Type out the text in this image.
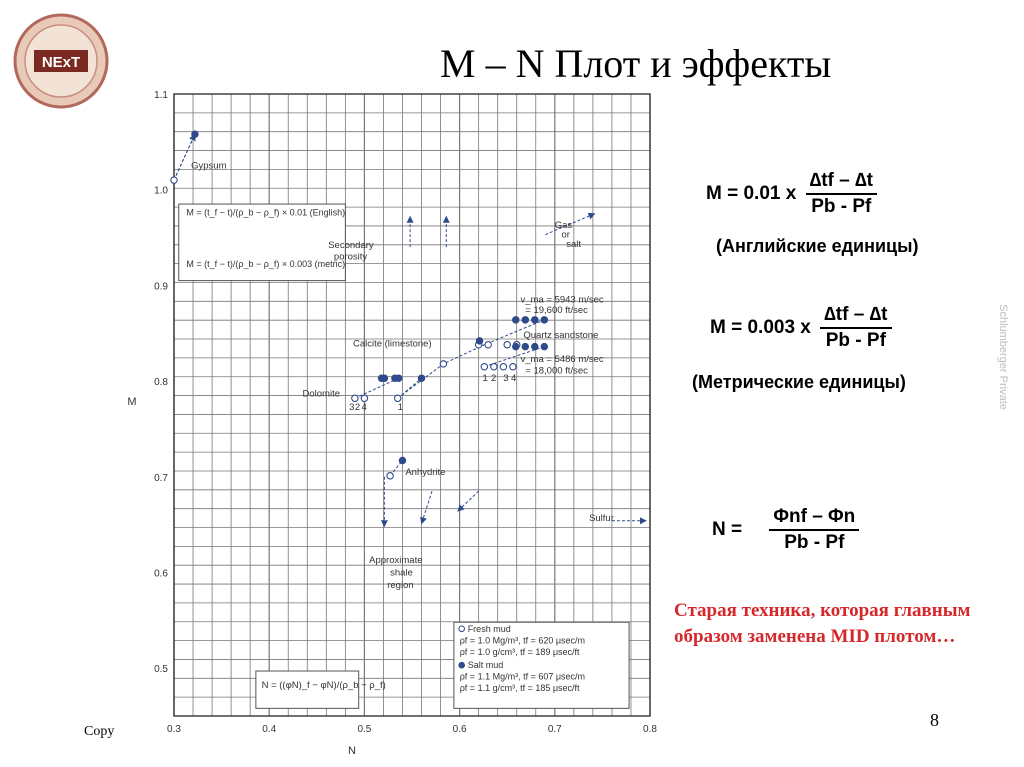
NExT	M – N Плот и эффекты
M = 0.01 x $\frac{\Delta tf - \Delta t}{Pb - Pf}$
(Английские единицы)
M = 0.003 x $\frac{\Delta tf - \Delta t}{Pb - Pf}$
(Метрические единицы)
$N = \frac{\text{Φnf – Φn}}{Pb - Pf}$
Старая техника, которая главным образом заменена MID плотом…
8
Copy
Schlumberger Private
0.3	0.4	0.5	0.6	0.7	0.8
0.5
0.6
0.7
0.8
0.9
1.0
1.1
N
M
Gypsum
Secondary
porosity
Gas
or
salt
Calcite (limestone)
Quartz sandstone
Dolomite
3 2 4	1
1 2 3 4
v_ma = 5943 m/sec
= 19,600 ft/sec
v_ma = 5486 m/sec
= 18,000 ft/sec
Anhydrite
Sulfur
Approximate
shale
region
M = (t_f − t)/(ρ_b − ρ_f) × 0.01 (English)
M = (t_f − t)/(ρ_b − ρ_f) × 0.003 (metric)
N = ((φN)_f − φN)/(ρ_b − ρ_f)
Fresh mud
ρf = 1.0 Mg/m³, tf = 620 μsec/m
ρf = 1.0 g/cm³, tf = 189 μsec/ft
Salt mud
ρf = 1.1 Mg/m³, tf = 607 μsec/m
ρf = 1.1 g/cm³, tf = 185 μsec/ft
